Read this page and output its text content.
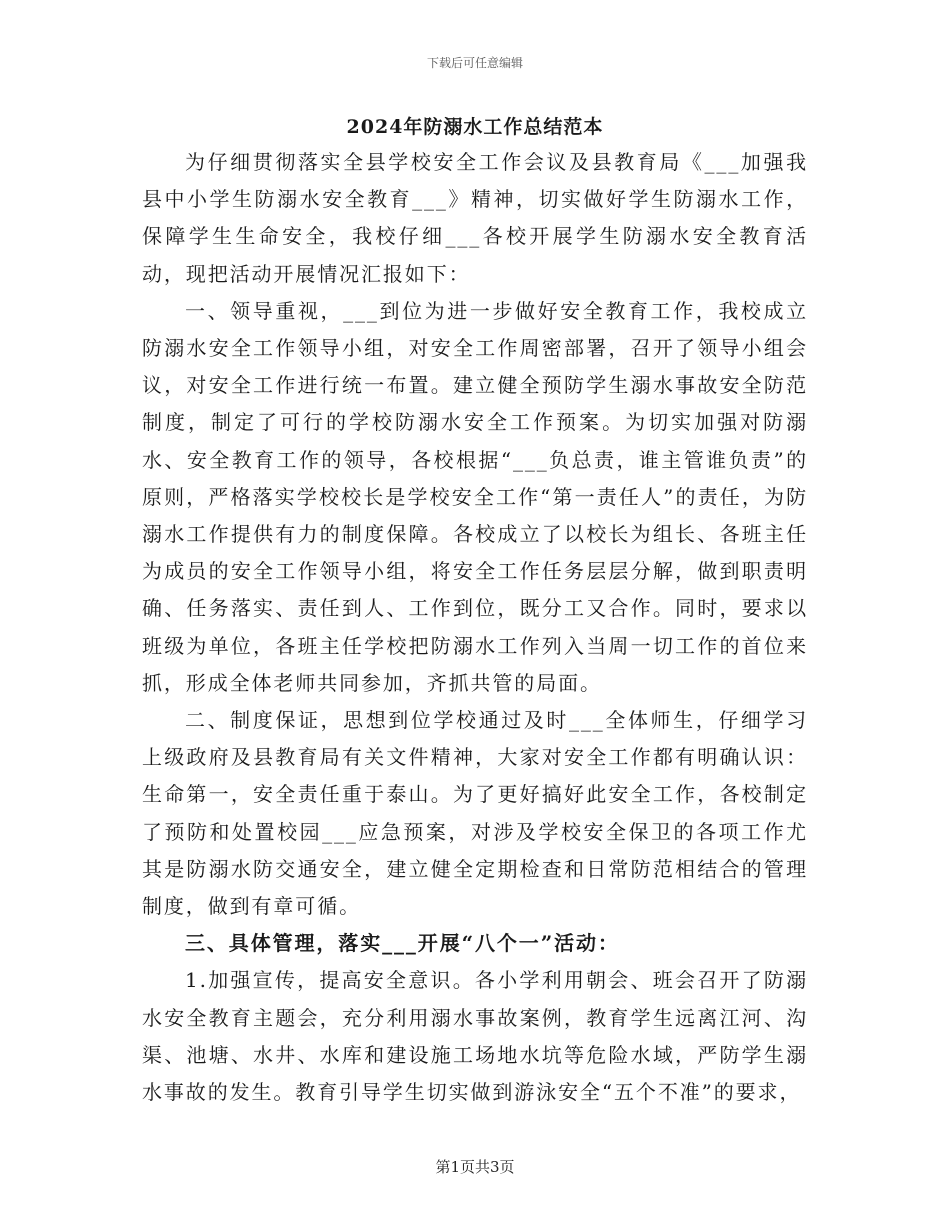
下载后可任意编辑
2024年防溺水工作总结范本

为仔细贯彻落实全县学校安全工作会议及县教育局《___加强我县中小学生防溺水安全教育___》精神，切实做好学生防溺水工作，保障学生生命安全，我校仔细___各校开展学生防溺水安全教育活动，现把活动开展情况汇报如下：

一、领导重视，___到位为进一步做好安全教育工作，我校成立防溺水安全工作领导小组，对安全工作周密部署，召开了领导小组会议，对安全工作进行统一布置。建立健全预防学生溺水事故安全防范制度，制定了可行的学校防溺水安全工作预案。为切实加强对防溺水、安全教育工作的领导，各校根据“___负总责，谁主管谁负责”的原则，严格落实学校校长是学校安全工作“第一责任人”的责任，为防溺水工作提供有力的制度保障。各校成立了以校长为组长、各班主任为成员的安全工作领导小组，将安全工作任务层层分解，做到职责明确、任务落实、责任到人、工作到位，既分工又合作。同时，要求以班级为单位，各班主任学校把防溺水工作列入当周一切工作的首位来抓，形成全体老师共同参加，齐抓共管的局面。

二、制度保证，思想到位学校通过及时___全体师生，仔细学习上级政府及县教育局有关文件精神，大家对安全工作都有明确认识：生命第一，安全责任重于泰山。为了更好搞好此安全工作，各校制定了预防和处置校园___应急预案，对涉及学校安全保卫的各项工作尤其是防溺水防交通安全，建立健全定期检查和日常防范相结合的管理制度，做到有章可循。

三、具体管理，落实___开展“八个一”活动：

1.加强宣传，提高安全意识。各小学利用朝会、班会召开了防溺水安全教育主题会，充分利用溺水事故案例，教育学生远离江河、沟渠、池塘、水井、水库和建设施工场地水坑等危险水域，严防学生溺水事故的发生。教育引导学生切实做到游泳安全“五个不准”的要求，

第1页共3页
